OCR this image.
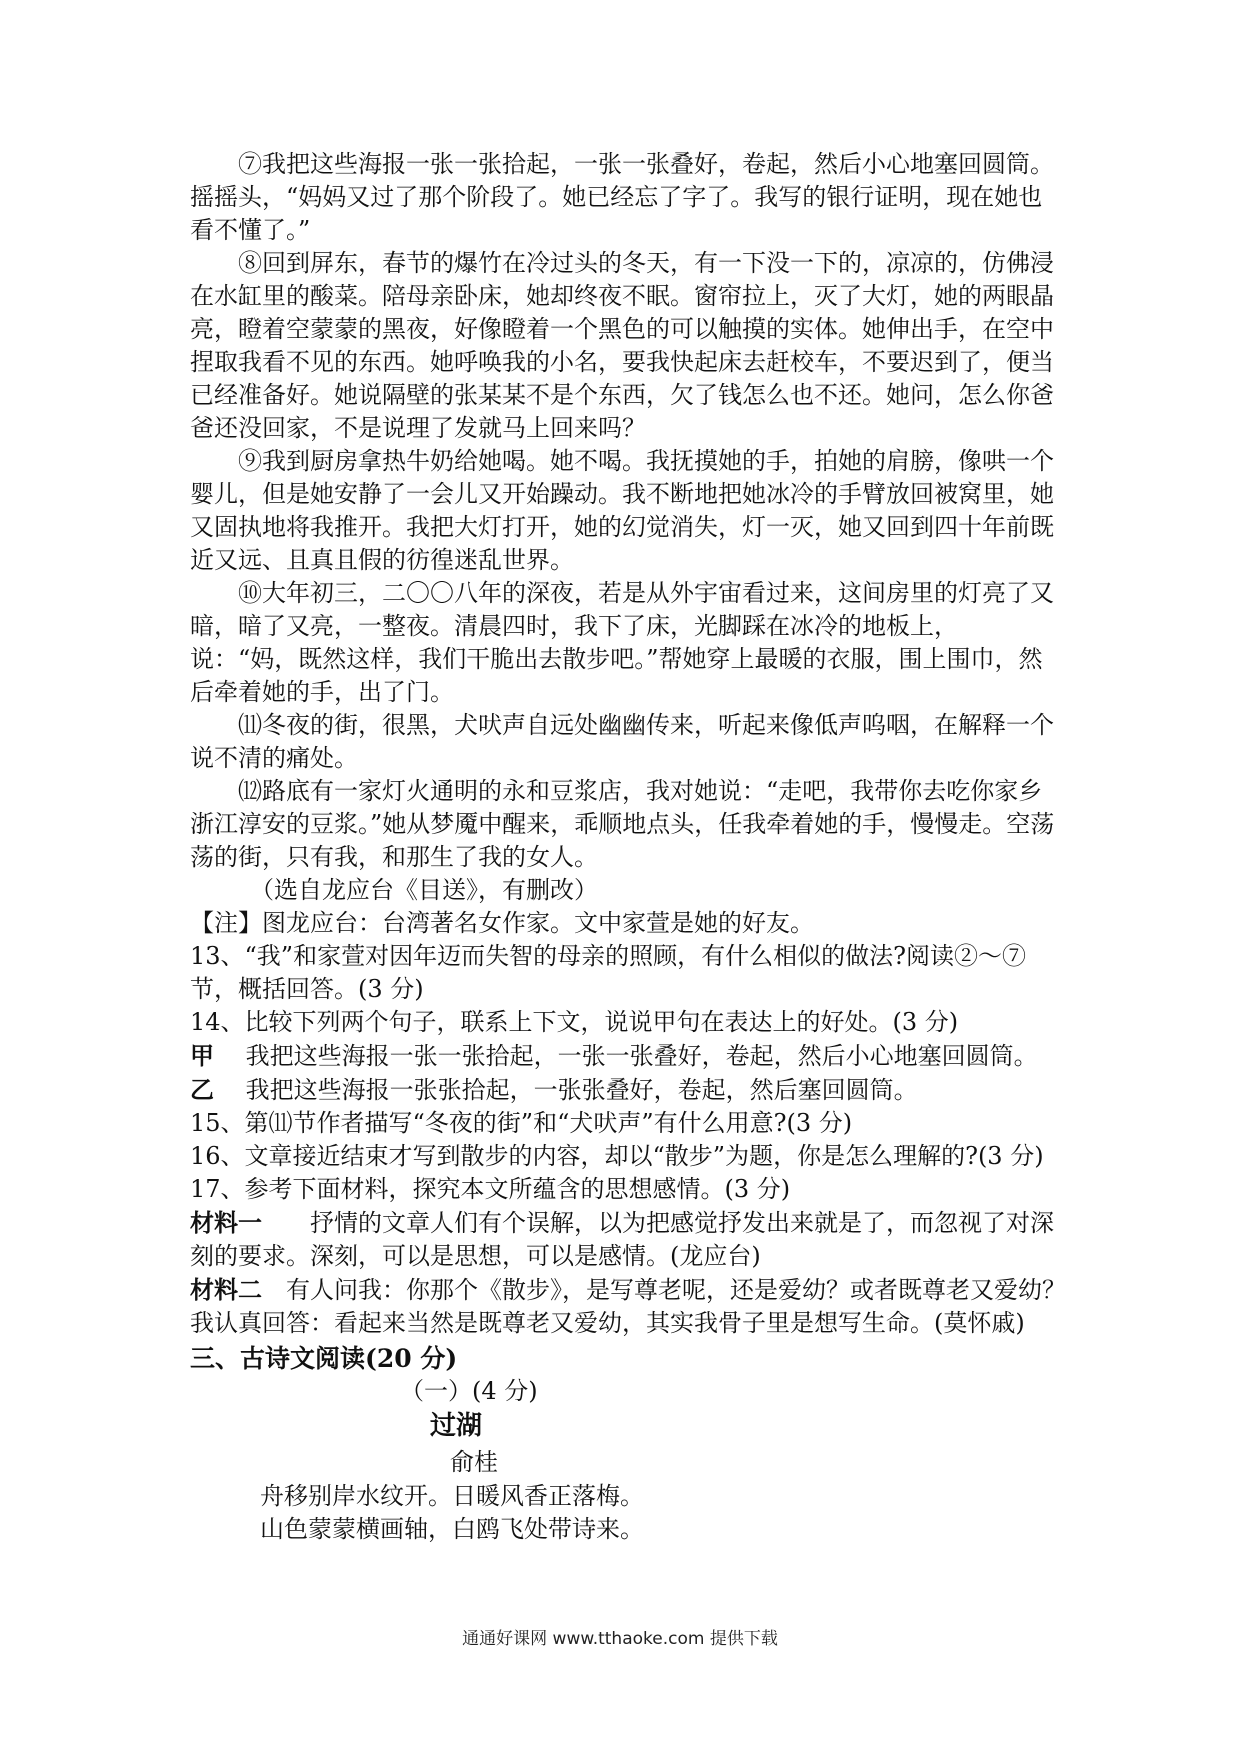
⑦我把这些海报一张一张拾起，一张一张叠好，卷起，然后小心地塞回圆筒。摇摇头，“妈妈又过了那个阶段了。她已经忘了字了。我写的银行证明，现在她也看不懂了。”

⑧回到屏东，春节的爆竹在冷过头的冬天，有一下没一下的，凉凉的，仿佛浸在水缸里的酸菜。陪母亲卧床，她却终夜不眠。窗帘拉上，灭了大灯，她的两眼晶亮，瞪着空蒙蒙的黑夜，好像瞪着一个黑色的可以触摸的实体。她伸出手，在空中捏取我看不见的东西。她呼唤我的小名，要我快起床去赶校车，不要迟到了，便当已经准备好。她说隔壁的张某某不是个东西，欠了钱怎么也不还。她问，怎么你爸爸还没回家，不是说理了发就马上回来吗？

⑨我到厨房拿热牛奶给她喝。她不喝。我抚摸她的手，拍她的肩膀，像哄一个婴儿，但是她安静了一会儿又开始躁动。我不断地把她冰冷的手臂放回被窝里，她又固执地将我推开。我把大灯打开，她的幻觉消失，灯一灭，她又回到四十年前既近又远、且真且假的彷徨迷乱世界。

⑩大年初三，二〇〇八年的深夜，若是从外宇宙看过来，这间房里的灯亮了又暗，暗了又亮，一整夜。清晨四时，我下了床，光脚踩在冰冷的地板上，说：“妈，既然这样，我们干脆出去散步吧。”帮她穿上最暖的衣服，围上围巾，然后牵着她的手，出了门。

⑾冬夜的街，很黑，犬吠声自远处幽幽传来，听起来像低声呜咽，在解释一个说不清的痛处。

⑿路底有一家灯火通明的永和豆浆店，我对她说：“走吧，我带你去吃你家乡浙江淳安的豆浆。”她从梦魇中醒来，乖顺地点头，任我牵着她的手，慢慢走。空荡荡的街，只有我，和那生了我的女人。

（选自龙应台《目送》，有删改）

【注】图龙应台：台湾著名女作家。文中家萱是她的好友。

13、“我”和家萱对因年迈而失智的母亲的照顾，有什么相似的做法?阅读②～⑦节，概括回答。(3 分)

14、比较下列两个句子，联系上下文，说说甲句在表达上的好处。(3 分)

甲　 我把这些海报一张一张拾起，一张一张叠好，卷起，然后小心地塞回圆筒。

乙　 我把这些海报一张张拾起，一张张叠好，卷起，然后塞回圆筒。

15、第⑾节作者描写“冬夜的街”和“犬吠声”有什么用意?(3 分)

16、文章接近结束才写到散步的内容，却以“散步”为题，你是怎么理解的?(3 分)

17、参考下面材料，探究本文所蕴含的思想感情。(3 分)

材料一　　 抒情的文章人们有个误解，以为把感觉抒发出来就是了，而忽视了对深刻的要求。深刻，可以是思想，可以是感情。(龙应台)

材料二　 有人问我：你那个《散步》，是写尊老呢，还是爱幼？或者既尊老又爱幼？我认真回答：看起来当然是既尊老又爱幼，其实我骨子里是想写生命。(莫怀戚)

三、古诗文阅读(20 分)

（一）(4 分)

过湖

俞桂

舟移别岸水纹开。日暖风香正落梅。

山色蒙蒙横画轴，白鸥飞处带诗来。

通通好课网 www.tthaoke.com 提供下载
